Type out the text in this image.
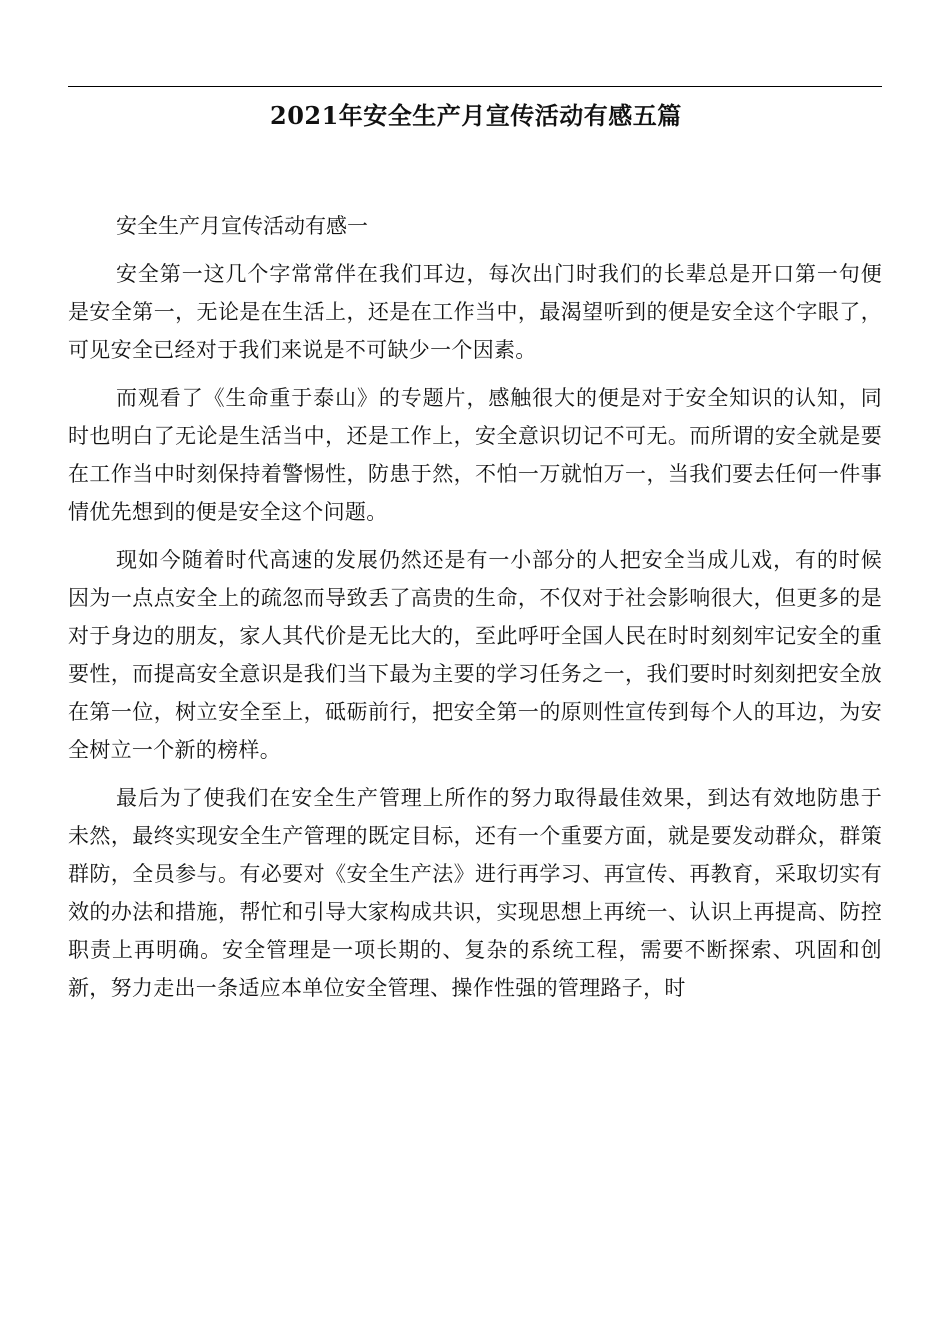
2021年安全生产月宣传活动有感五篇

安全生产月宣传活动有感一

安全第一这几个字常常伴在我们耳边，每次出门时我们的长辈总是开口第一句便是安全第一，无论是在生活上，还是在工作当中，最渴望听到的便是安全这个字眼了，可见安全已经对于我们来说是不可缺少一个因素。

而观看了《生命重于泰山》的专题片，感触很大的便是对于安全知识的认知，同时也明白了无论是生活当中，还是工作上，安全意识切记不可无。而所谓的安全就是要在工作当中时刻保持着警惕性，防患于然，不怕一万就怕万一，当我们要去任何一件事情优先想到的便是安全这个问题。

现如今随着时代高速的发展仍然还是有一小部分的人把安全当成儿戏，有的时候因为一点点安全上的疏忽而导致丢了高贵的生命，不仅对于社会影响很大，但更多的是对于身边的朋友，家人其代价是无比大的，至此呼吁全国人民在时时刻刻牢记安全的重要性，而提高安全意识是我们当下最为主要的学习任务之一，我们要时时刻刻把安全放在第一位，树立安全至上，砥砺前行，把安全第一的原则性宣传到每个人的耳边，为安全树立一个新的榜样。

最后为了使我们在安全生产管理上所作的努力取得最佳效果，到达有效地防患于未然，最终实现安全生产管理的既定目标，还有一个重要方面，就是要发动群众，群策群防，全员参与。有必要对《安全生产法》进行再学习、再宣传、再教育，采取切实有效的办法和措施，帮忙和引导大家构成共识，实现思想上再统一、认识上再提高、防控职责上再明确。安全管理是一项长期的、复杂的系统工程，需要不断探索、巩固和创新，努力走出一条适应本单位安全管理、操作性强的管理路子，时
